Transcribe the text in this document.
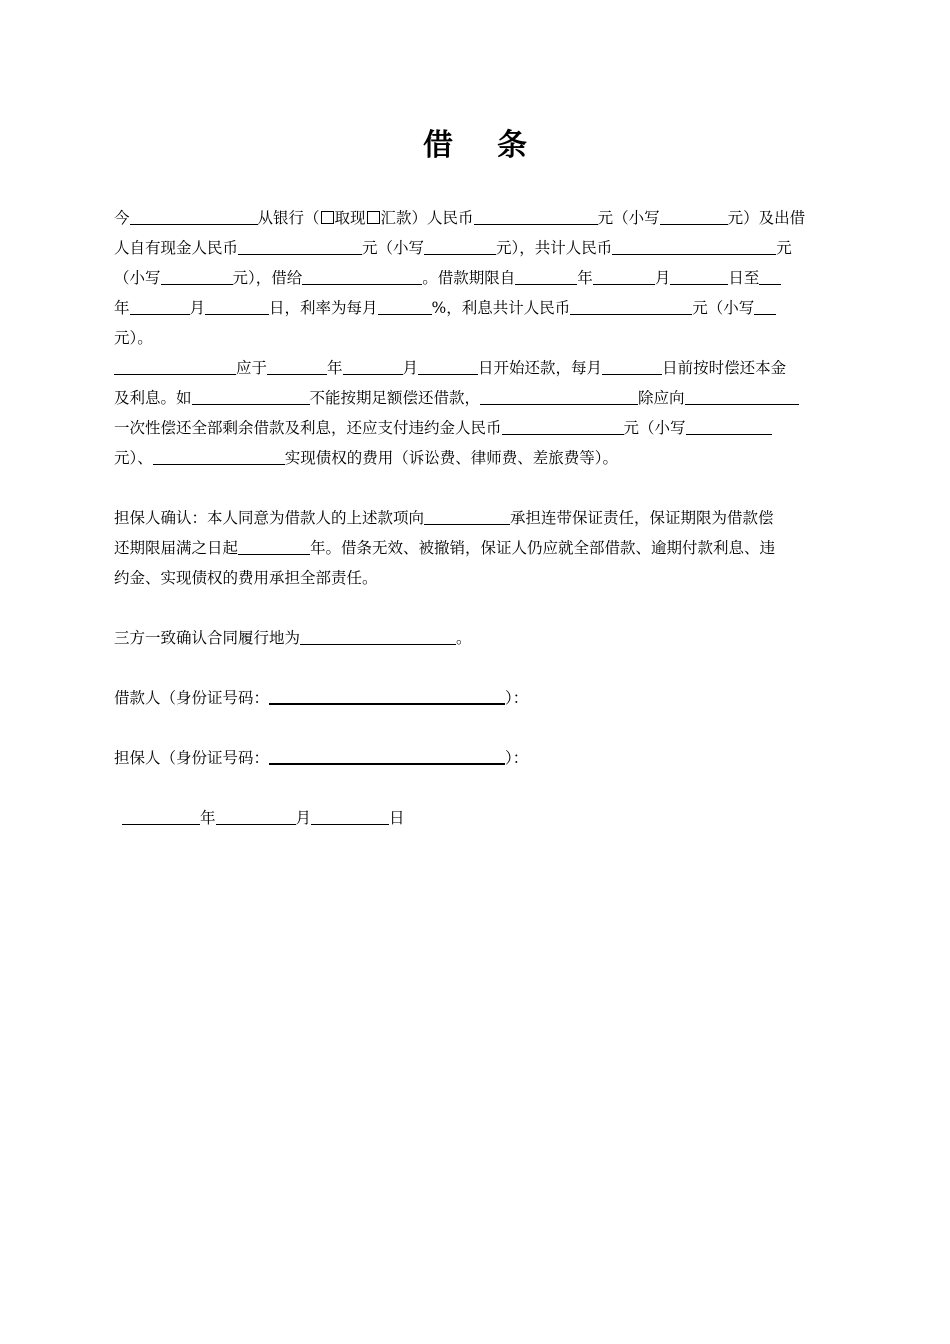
借 条
今	从银行（ 取现 汇款）人民币	元（小写	元）及出借
人自有现金人民币	元（小写	元），共计人民币	元
（小写	元），借给	。借款期限自	年	月	日至
年	月	日，利率为每月	%，利息共计人民币	元（小写
元）。
应于	年	月	日开始还款，每月	日前按时偿还本金
及利息。如	不能按期足额偿还借款，	除应向
一次性偿还全部剩余借款及利息，还应支付违约金人民币	元（小写
元）、	实现债权的费用（诉讼费、律师费、差旅费等）。
担保人确认：本人同意为借款人的上述款项向	承担连带保证责任，保证期限为借款偿
还期限届满之日起	年。借条无效、被撤销，保证人仍应就全部借款、逾期付款利息、违
约金、实现债权的费用承担全部责任。
三方一致确认合同履行地为	。
借款人（身份证号码：	）：
担保人（身份证号码：	）：
年	月	日
